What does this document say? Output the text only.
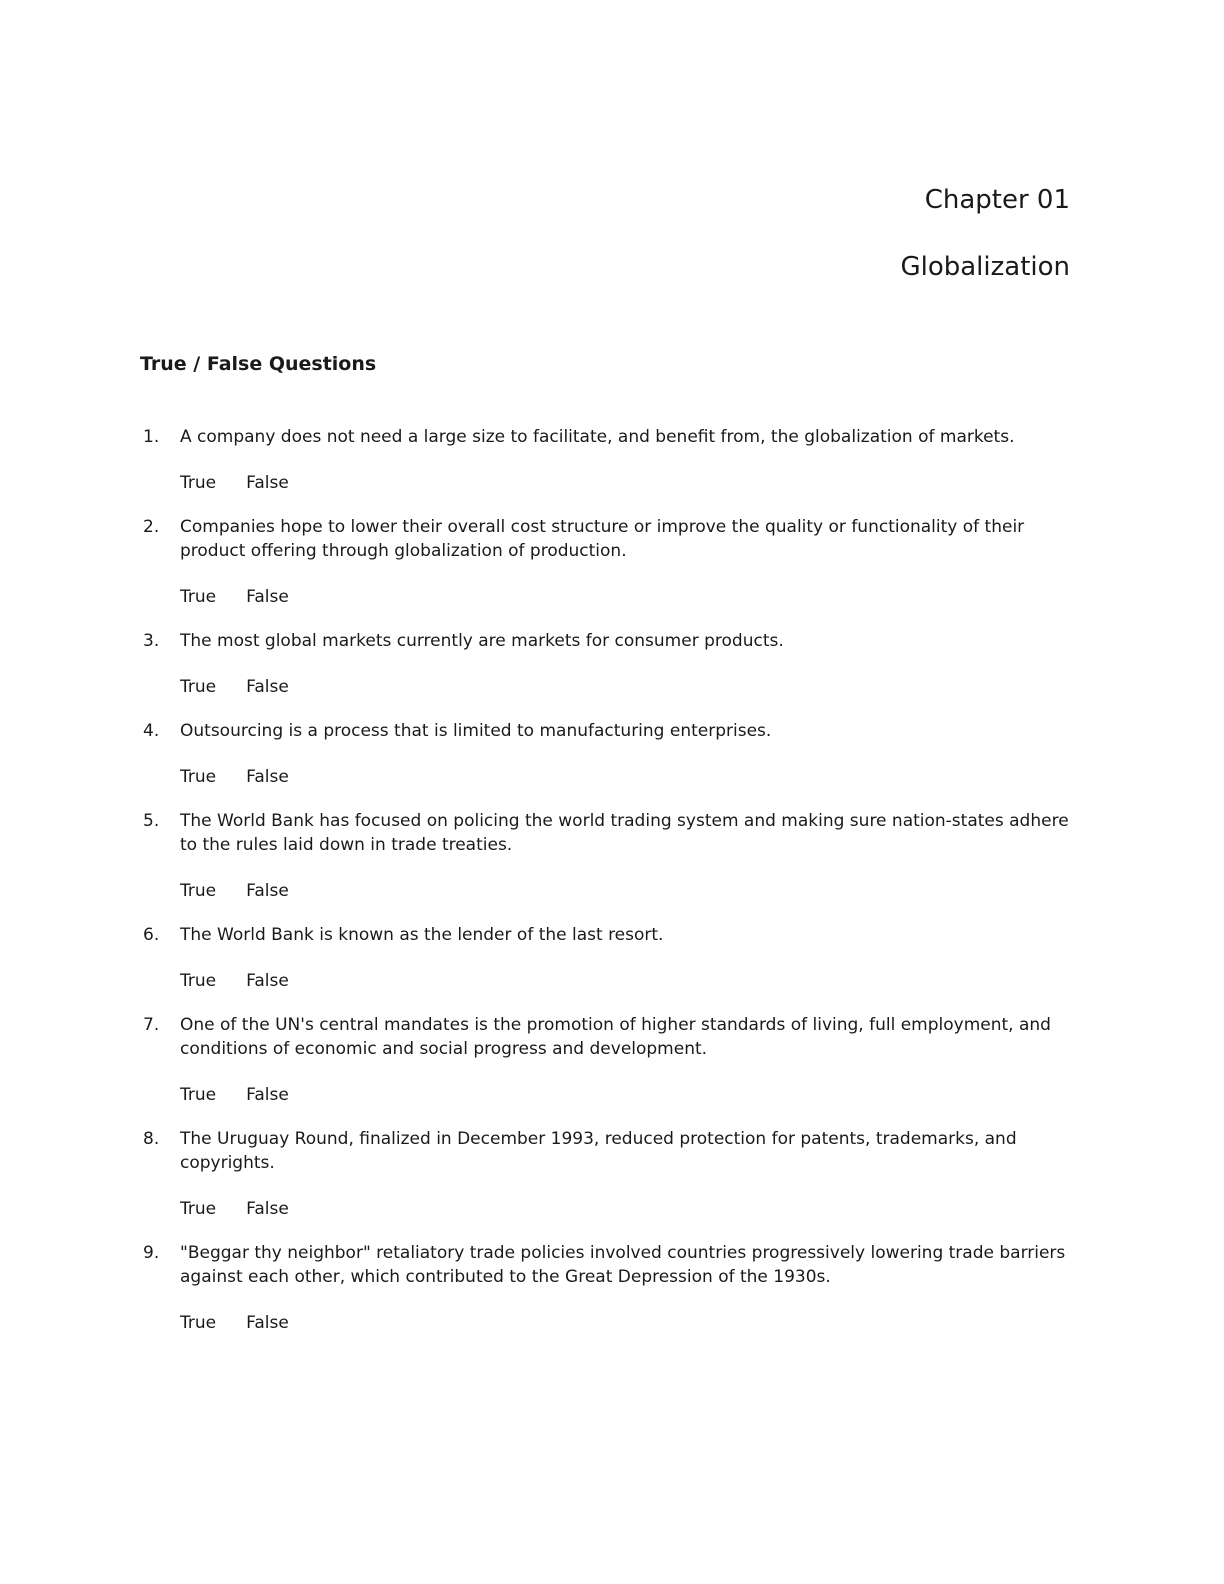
Chapter 01
Globalization
True / False Questions
1.	A company does not need a large size to facilitate, and benefit from, the globalization of markets.
True False
2.	Companies hope to lower their overall cost structure or improve the quality or functionality of their product offering through globalization of production.
True False
3.	The most global markets currently are markets for consumer products.
True False
4.	Outsourcing is a process that is limited to manufacturing enterprises.
True False
5.	The World Bank has focused on policing the world trading system and making sure nation-states adhere to the rules laid down in trade treaties.
True False
6.	The World Bank is known as the lender of the last resort.
True False
7.	One of the UN's central mandates is the promotion of higher standards of living, full employment, and conditions of economic and social progress and development.
True False
8.	The Uruguay Round, finalized in December 1993, reduced protection for patents, trademarks, and copyrights.
True False
9.	"Beggar thy neighbor" retaliatory trade policies involved countries progressively lowering trade barriers against each other, which contributed to the Great Depression of the 1930s.
True False
